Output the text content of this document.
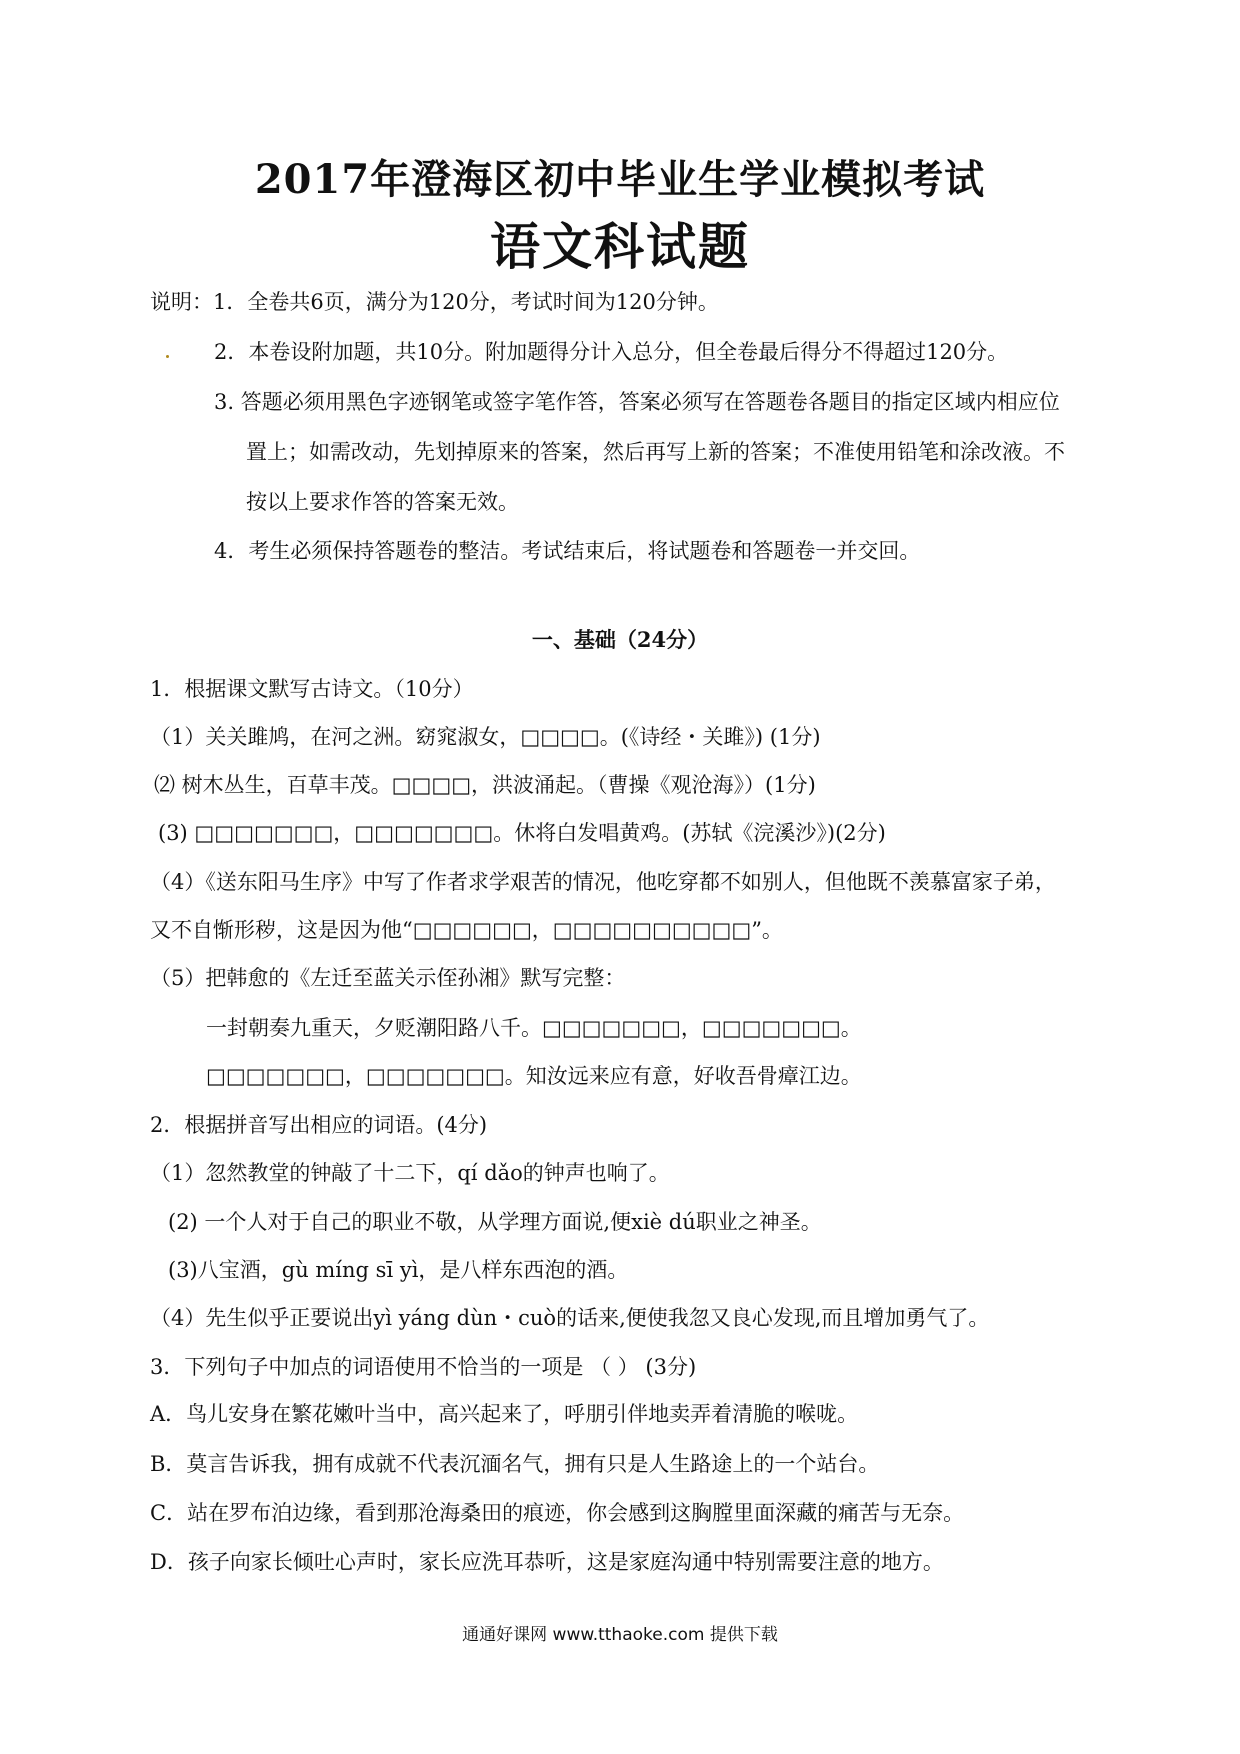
2017年澄海区初中毕业生学业模拟考试
语文科试题
说明：1．全卷共6页，满分为120分，考试时间为120分钟。
2．本卷设附加题，共10分。附加题得分计入总分，但全卷最后得分不得超过120分。
3. 答题必须用黑色字迹钢笔或签字笔作答，答案必须写在答题卷各题目的指定区域内相应位
置上；如需改动，先划掉原来的答案，然后再写上新的答案；不准使用铅笔和涂改液。不
按以上要求作答的答案无效。
4．考生必须保持答题卷的整洁。考试结束后，将试题卷和答题卷一并交回。
一、基础（24分）
1．根据课文默写古诗文。（10分）
（1）关关雎鸠，在河之洲。窈窕淑女，□□□□。(《诗经・关雎》) (1分)
⑵ 树木丛生，百草丰茂。□□□□，洪波涌起。（曹操《观沧海》）(1分)
(3) □□□□□□□，□□□□□□□。休将白发唱黄鸡。(苏轼《浣溪沙》)(2分)
（4）《送东阳马生序》中写了作者求学艰苦的情况，他吃穿都不如别人，但他既不羡慕富家子弟，
又不自惭形秽，这是因为他“□□□□□□，□□□□□□□□□□”。
（5）把韩愈的《左迁至蓝关示侄孙湘》默写完整：
一封朝奏九重天，夕贬潮阳路八千。□□□□□□□，□□□□□□□。
□□□□□□□，□□□□□□□。知汝远来应有意，好收吾骨瘴江边。
2．根据拼音写出相应的词语。(4分)
（1）忽然教堂的钟敲了十二下，qí dǎo的钟声也响了。
(2) 一个人对于自己的职业不敬，从学理方面说,便xiè dú职业之神圣。
(3)八宝酒，gù míng sī yì，是八样东西泡的酒。
（4）先生似乎正要说出yì yáng dùn・cuò的话来,便使我忽又良心发现,而且增加勇气了。
3．下列句子中加点的词语使用不恰当的一项是 （ ） (3分)
A．鸟儿安身在繁花嫩叶当中，高兴起来了，呼朋引伴地卖弄着清脆的喉咙。
B．莫言告诉我，拥有成就不代表沉湎名气，拥有只是人生路途上的一个站台。
C．站在罗布泊边缘，看到那沧海桑田的痕迹，你会感到这胸膛里面深藏的痛苦与无奈。
D．孩子向家长倾吐心声时，家长应洗耳恭听，这是家庭沟通中特别需要注意的地方。
通通好课网 www.tthaoke.com 提供下载
